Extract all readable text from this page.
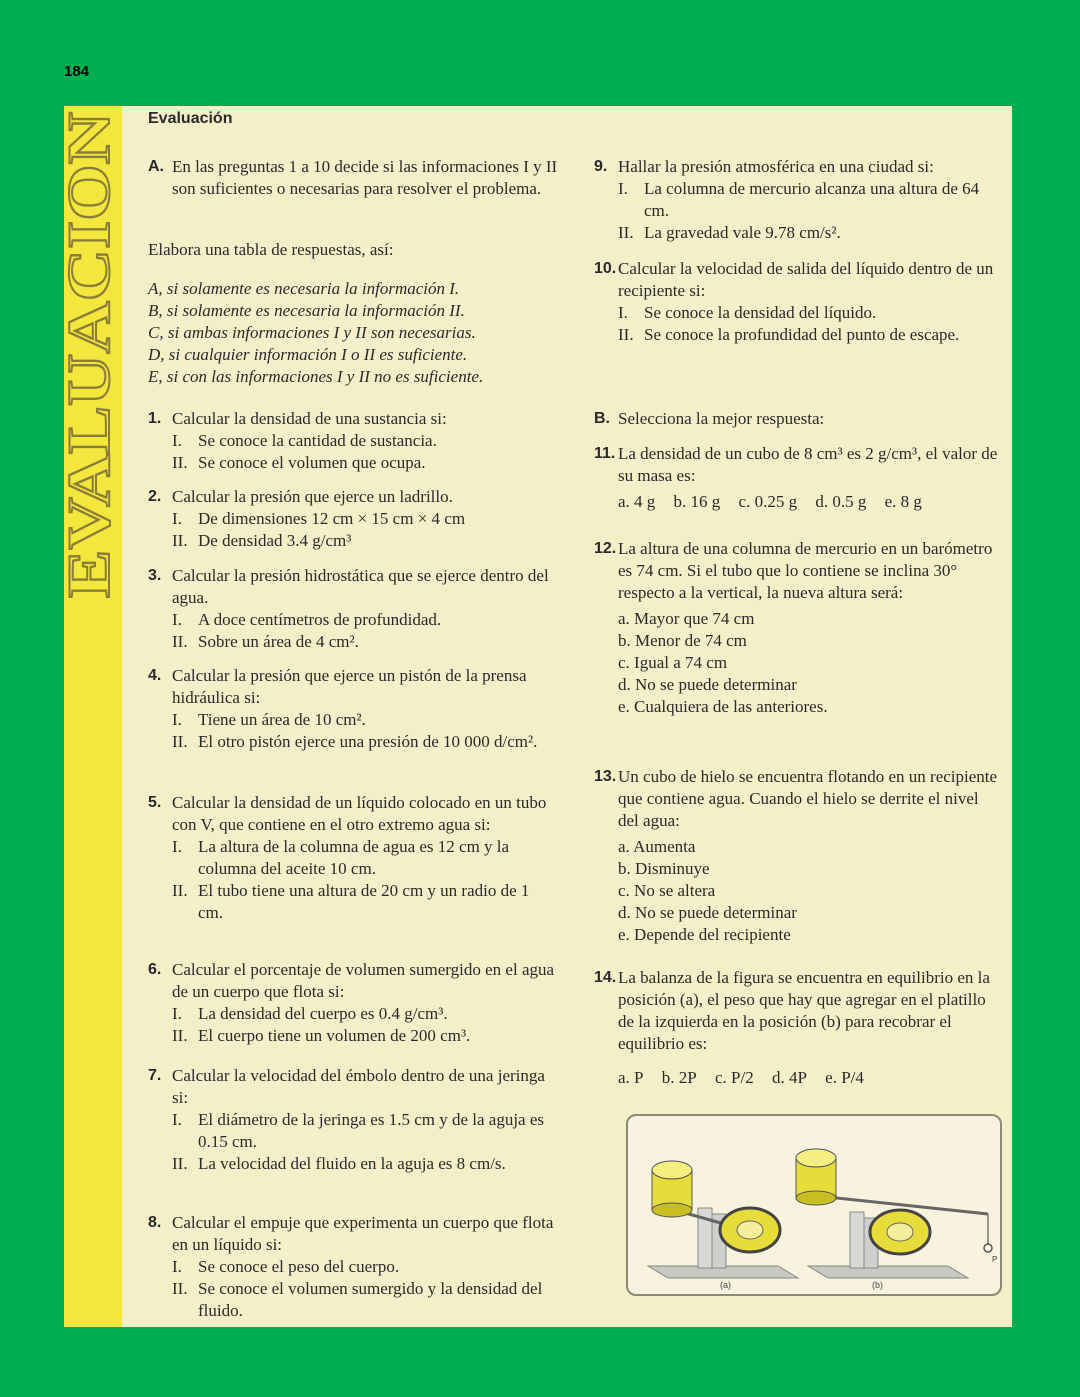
184
EVALUACION
Evaluación
A. En las preguntas 1 a 10 decide si las informaciones I y II son suficientes o necesarias para resolver el problema.
Elabora una tabla de respuestas, así:
A, si solamente es necesaria la información I.
B, si solamente es necesaria la información II.
C, si ambas informaciones I y II son necesarias.
D, si cualquier información I o II es suficiente.
E, si con las informaciones I y II no es suficiente.
1. Calcular la densidad de una sustancia si:
I. Se conoce la cantidad de sustancia.
II. Se conoce el volumen que ocupa.
2. Calcular la presión que ejerce un ladrillo.
I. De dimensiones 12 cm × 15 cm × 4 cm
II. De densidad 3.4 g/cm³
3. Calcular la presión hidrostática que se ejerce dentro del agua.
I. A doce centímetros de profundidad.
II. Sobre un área de 4 cm².
4. Calcular la presión que ejerce un pistón de la prensa hidráulica si:
I. Tiene un área de 10 cm².
II. El otro pistón ejerce una presión de 10 000 d/cm².
5. Calcular la densidad de un líquido colocado en un tubo con V, que contiene en el otro extremo agua si:
I. La altura de la columna de agua es 12 cm y la columna del aceite 10 cm.
II. El tubo tiene una altura de 20 cm y un radio de 1 cm.
6. Calcular el porcentaje de volumen sumergido en el agua de un cuerpo que flota si:
I. La densidad del cuerpo es 0.4 g/cm³.
II. El cuerpo tiene un volumen de 200 cm³.
7. Calcular la velocidad del émbolo dentro de una jeringa si:
I. El diámetro de la jeringa es 1.5 cm y de la aguja es 0.15 cm.
II. La velocidad del fluido en la aguja es 8 cm/s.
8. Calcular el empuje que experimenta un cuerpo que flota en un líquido si:
I. Se conoce el peso del cuerpo.
II. Se conoce el volumen sumergido y la densidad del fluido.
9. Hallar la presión atmosférica en una ciudad si:
I. La columna de mercurio alcanza una altura de 64 cm.
II. La gravedad vale 9.78 cm/s².
10. Calcular la velocidad de salida del líquido dentro de un recipiente si:
I. Se conoce la densidad del líquido.
II. Se conoce la profundidad del punto de escape.
B. Selecciona la mejor respuesta:
11. La densidad de un cubo de 8 cm³ es 2 g/cm³, el valor de su masa es:
a. 4 g b. 16 g c. 0.25 g d. 0.5 g e. 8 g
12. La altura de una columna de mercurio en un barómetro es 74 cm. Si el tubo que lo contiene se inclina 30° respecto a la vertical, la nueva altura será:
a. Mayor que 74 cm
b. Menor de 74 cm
c. Igual a 74 cm
d. No se puede determinar
e. Cualquiera de las anteriores.
13. Un cubo de hielo se encuentra flotando en un recipiente que contiene agua. Cuando el hielo se derrite el nivel del agua:
a. Aumenta
b. Disminuye
c. No se altera
d. No se puede determinar
e. Depende del recipiente
14. La balanza de la figura se encuentra en equilibrio en la posición (a), el peso que hay que agregar en el platillo de la izquierda en la posición (b) para recobrar el equilibrio es:
a. P b. 2P c. P/2 d. 4P e. P/4
(a)
P
(b)
